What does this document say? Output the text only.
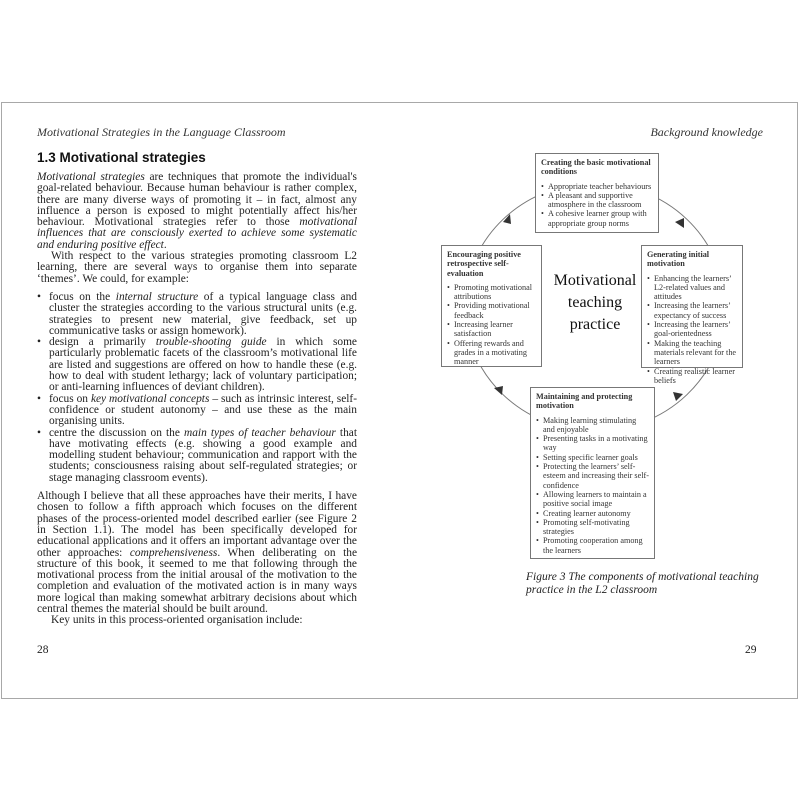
Motivational Strategies in the Language Classroom	Background knowledge
1.3 Motivational strategies

Motivational strategies are techniques that promote the individual's goal-related behaviour. Because human behaviour is rather complex, there are many diverse ways of promoting it – in fact, almost any influence a person is exposed to might potentially affect his/her behaviour. Motivational strategies refer to those motivational influences that are consciously exerted to achieve some systematic and enduring positive effect.

With respect to the various strategies promoting classroom L2 learning, there are several ways to organise them into separate ‘themes’. We could, for example:

• focus on the internal structure of a typical language class and cluster the strategies according to the various structural units (e.g. strategies to present new material, give feedback, set up communicative tasks or assign homework).
• design a primarily trouble-shooting guide in which some particularly problematic facets of the classroom’s motivational life are listed and suggestions are offered on how to handle these (e.g. how to deal with student lethargy; lack of voluntary participation; or anti-learning influences of deviant children).
• focus on key motivational concepts – such as intrinsic interest, self-confidence or student autonomy – and use these as the main organising units.
• centre the discussion on the main types of teacher behaviour that have motivating effects (e.g. showing a good example and modelling student behaviour; communication and rapport with the students; consciousness raising about self-regulated strategies; or stage managing classroom events).

Although I believe that all these approaches have their merits, I have chosen to follow a fifth approach which focuses on the different phases of the process-oriented model described earlier (see Figure 2 in Section 1.1). The model has been specifically developed for educational applications and it offers an important advantage over the other approaches: comprehensiveness. When deliberating on the structure of this book, it seemed to me that following through the motivational process from the initial arousal of the motivation to the completion and evaluation of the motivated action is in many ways more logical than making somewhat arbitrary decisions about which central themes the material should be built around.

Key units in this process-oriented organisation include:

28	29
Creating the basic motivational conditions
• Appropriate teacher behaviours
• A pleasant and supportive atmosphere in the classroom
• A cohesive learner group with appropriate group norms
Generating initial motivation
• Enhancing the learners’ L2-related values and attitudes
• Increasing the learners’ expectancy of success
• Increasing the learners’ goal-orientedness
• Making the teaching materials relevant for the learners
• Creating realistic learner beliefs
Maintaining and protecting motivation
• Making learning stimulating and enjoyable
• Presenting tasks in a motivating way
• Setting specific learner goals
• Protecting the learners’ self-esteem and increasing their self-confidence
• Allowing learners to maintain a positive social image
• Creating learner autonomy
• Promoting self-motivating strategies
• Promoting cooperation among the learners
Encouraging positive retrospective self-evaluation
• Promoting motivational attributions
• Providing motivational feedback
• Increasing learner satisfaction
• Offering rewards and grades in a motivating manner
Motivational
teaching
practice
Figure 3 The components of motivational teaching practice in the L2 classroom
